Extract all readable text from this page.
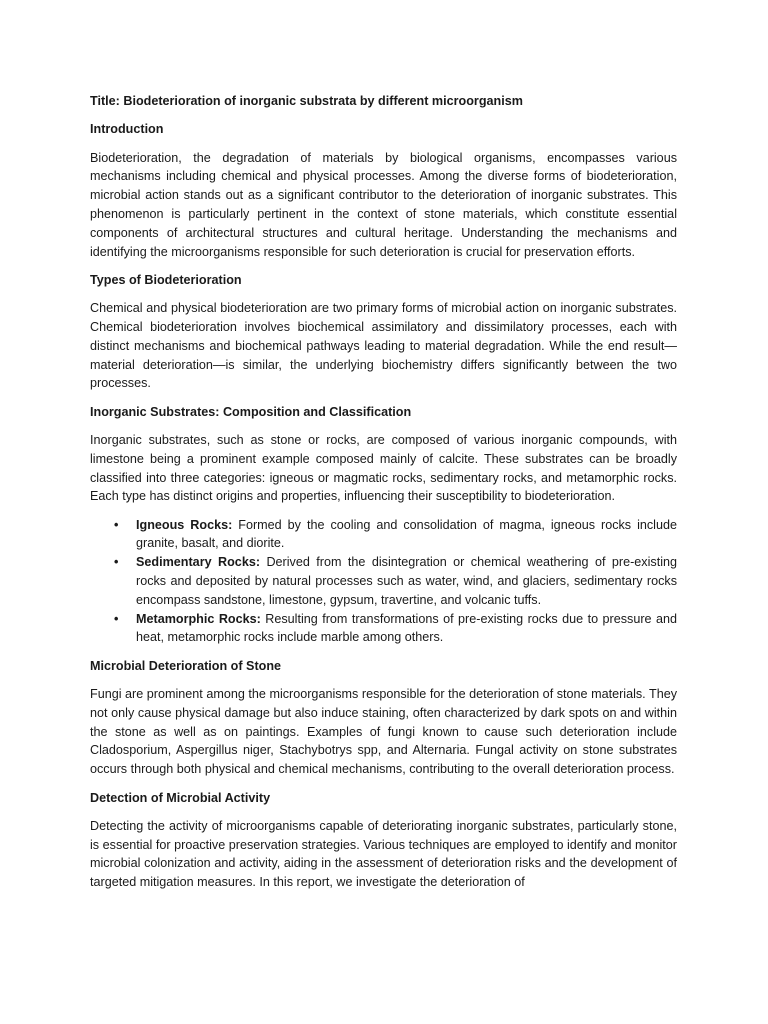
Title: Biodeterioration of inorganic substrata by different microorganism
Introduction
Biodeterioration, the degradation of materials by biological organisms, encompasses various mechanisms including chemical and physical processes. Among the diverse forms of biodeterioration, microbial action stands out as a significant contributor to the deterioration of inorganic substrates. This phenomenon is particularly pertinent in the context of stone materials, which constitute essential components of architectural structures and cultural heritage. Understanding the mechanisms and identifying the microorganisms responsible for such deterioration is crucial for preservation efforts.
Types of Biodeterioration
Chemical and physical biodeterioration are two primary forms of microbial action on inorganic substrates. Chemical biodeterioration involves biochemical assimilatory and dissimilatory processes, each with distinct mechanisms and biochemical pathways leading to material degradation. While the end result—material deterioration—is similar, the underlying biochemistry differs significantly between the two processes.
Inorganic Substrates: Composition and Classification
Inorganic substrates, such as stone or rocks, are composed of various inorganic compounds, with limestone being a prominent example composed mainly of calcite. These substrates can be broadly classified into three categories: igneous or magmatic rocks, sedimentary rocks, and metamorphic rocks. Each type has distinct origins and properties, influencing their susceptibility to biodeterioration.
• Igneous Rocks: Formed by the cooling and consolidation of magma, igneous rocks include granite, basalt, and diorite.
• Sedimentary Rocks: Derived from the disintegration or chemical weathering of pre-existing rocks and deposited by natural processes such as water, wind, and glaciers, sedimentary rocks encompass sandstone, limestone, gypsum, travertine, and volcanic tuffs.
• Metamorphic Rocks: Resulting from transformations of pre-existing rocks due to pressure and heat, metamorphic rocks include marble among others.
Microbial Deterioration of Stone
Fungi are prominent among the microorganisms responsible for the deterioration of stone materials. They not only cause physical damage but also induce staining, often characterized by dark spots on and within the stone as well as on paintings. Examples of fungi known to cause such deterioration include Cladosporium, Aspergillus niger, Stachybotrys spp, and Alternaria. Fungal activity on stone substrates occurs through both physical and chemical mechanisms, contributing to the overall deterioration process.
Detection of Microbial Activity
Detecting the activity of microorganisms capable of deteriorating inorganic substrates, particularly stone, is essential for proactive preservation strategies. Various techniques are employed to identify and monitor microbial colonization and activity, aiding in the assessment of deterioration risks and the development of targeted mitigation measures. In this report, we investigate the deterioration of
